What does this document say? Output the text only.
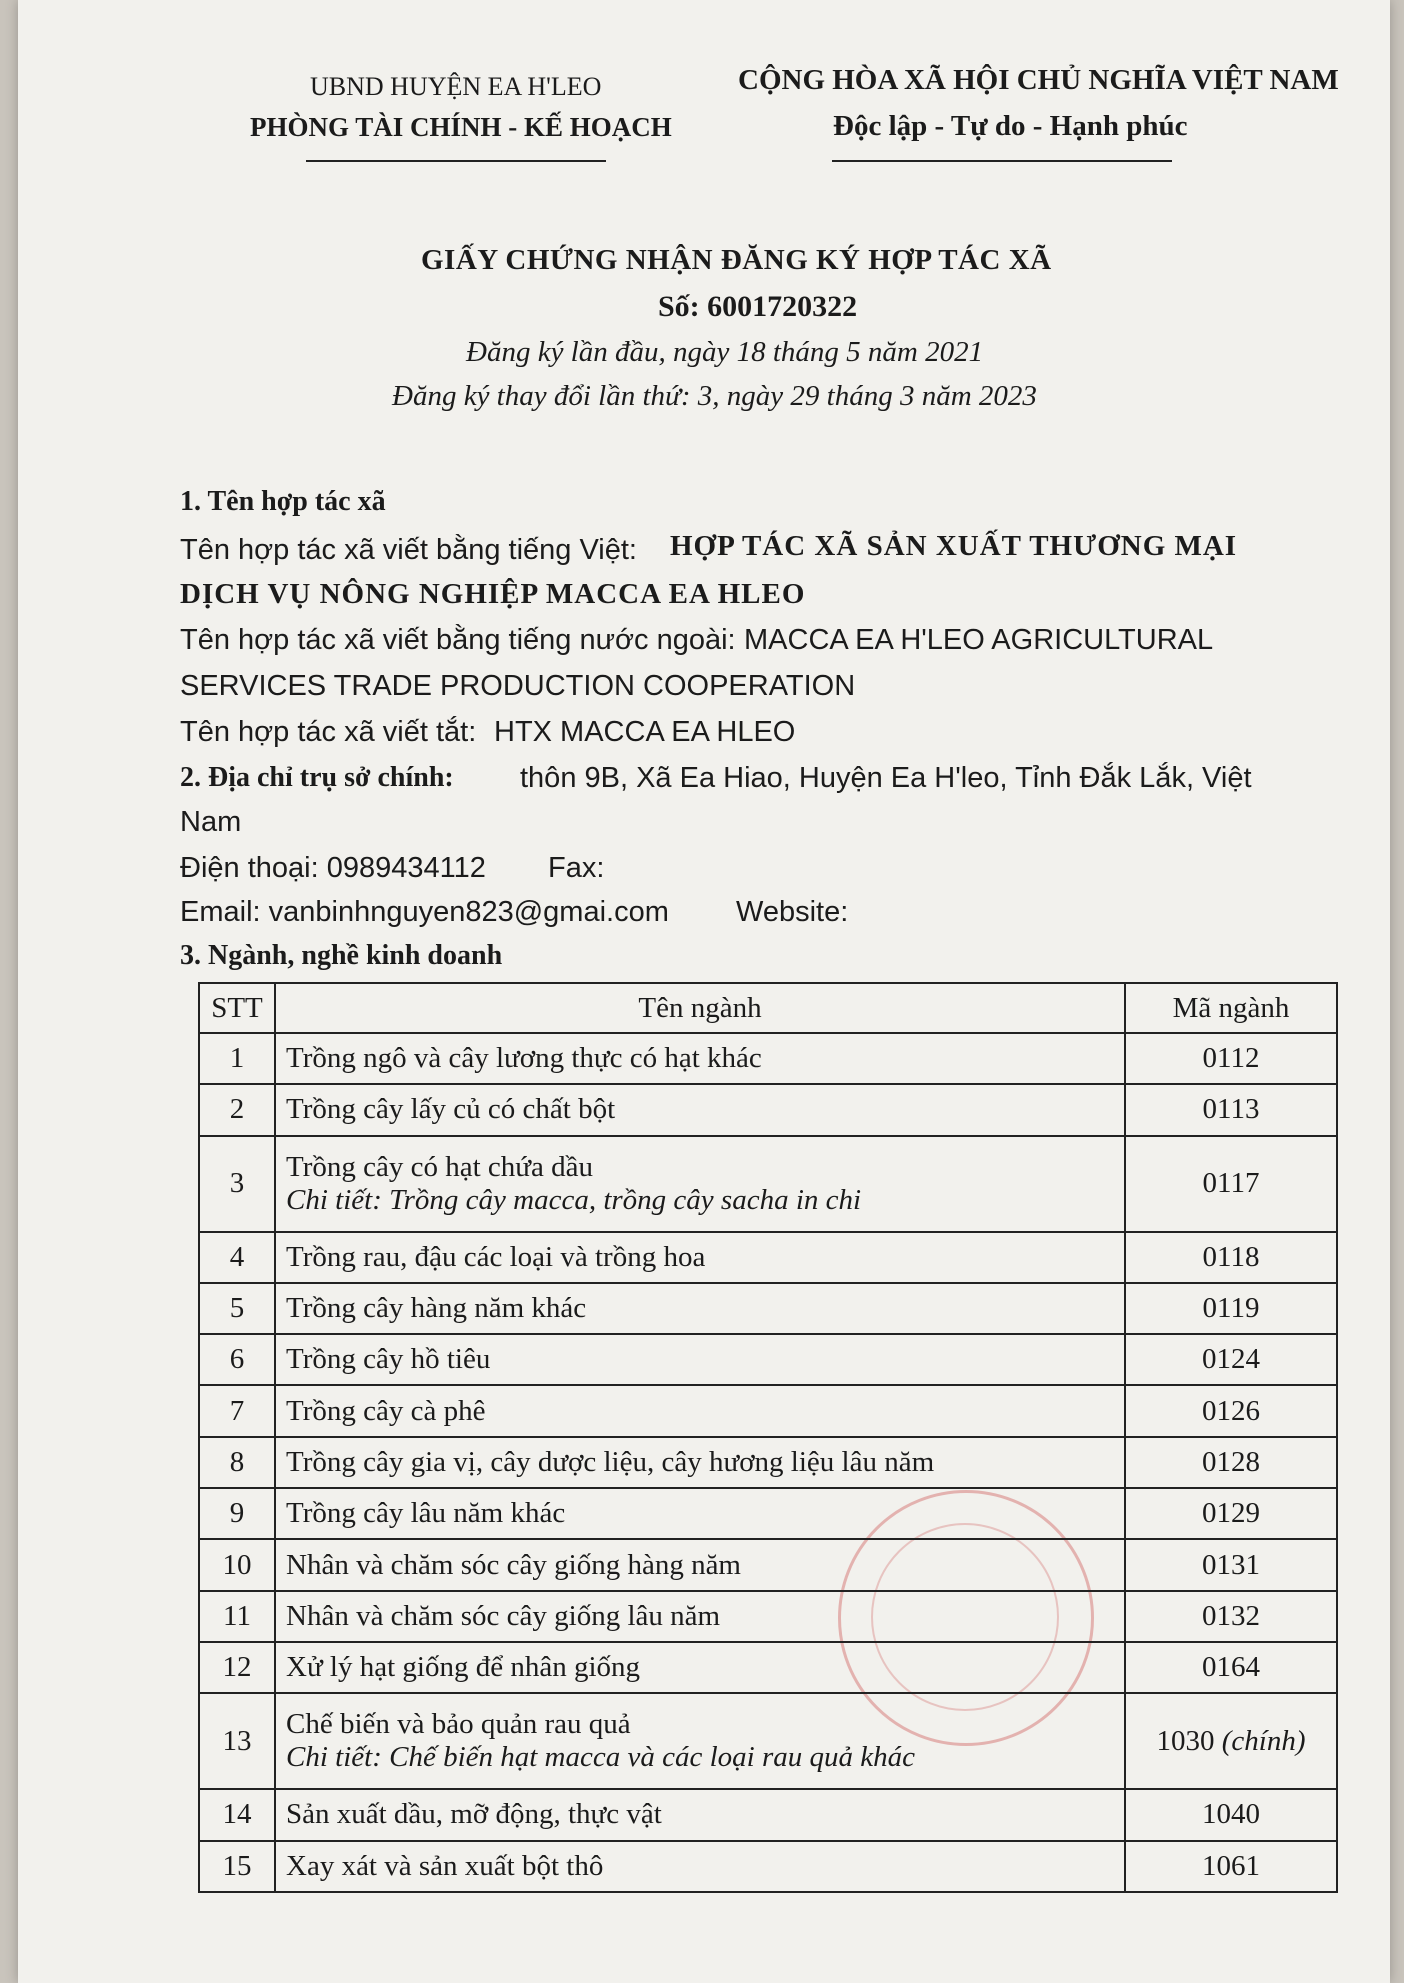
UBND HUYỆN EA H'LEO
PHÒNG TÀI CHÍNH - KẾ HOẠCH
CỘNG HÒA XÃ HỘI CHỦ NGHĨA VIỆT NAM
Độc lập - Tự do - Hạnh phúc
GIẤY CHỨNG NHẬN ĐĂNG KÝ HỢP TÁC XÃ
Số: 6001720322
Đăng ký lần đầu, ngày 18 tháng 5 năm 2021
Đăng ký thay đổi lần thứ: 3, ngày 29 tháng 3 năm 2023
1. Tên hợp tác xã
Tên hợp tác xã viết bằng tiếng Việt: HỢP TÁC XÃ SẢN XUẤT THƯƠNG MẠI
DỊCH VỤ NÔNG NGHIỆP MACCA EA HLEO
Tên hợp tác xã viết bằng tiếng nước ngoài: MACCA EA H'LEO AGRICULTURAL
SERVICES TRADE PRODUCTION COOPERATION
Tên hợp tác xã viết tắt: HTX MACCA EA HLEO
2. Địa chỉ trụ sở chính: thôn 9B, Xã Ea Hiao, Huyện Ea H'leo, Tỉnh Đắk Lắk, Việt
Nam
Điện thoại: 0989434112 Fax:
Email: vanbinhnguyen823@gmai.com Website:
3. Ngành, nghề kinh doanh
STT	Tên ngành	Mã ngành
1	Trồng ngô và cây lương thực có hạt khác	0112
2	Trồng cây lấy củ có chất bột	0113
3	Trồng cây có hạt chứa dầu
Chi tiết: Trồng cây macca, trồng cây sacha in chi	0117
4	Trồng rau, đậu các loại và trồng hoa	0118
5	Trồng cây hàng năm khác	0119
6	Trồng cây hồ tiêu	0124
7	Trồng cây cà phê	0126
8	Trồng cây gia vị, cây dược liệu, cây hương liệu lâu năm	0128
9	Trồng cây lâu năm khác	0129
10	Nhân và chăm sóc cây giống hàng năm	0131
11	Nhân và chăm sóc cây giống lâu năm	0132
12	Xử lý hạt giống để nhân giống	0164
13	Chế biến và bảo quản rau quả
Chi tiết: Chế biến hạt macca và các loại rau quả khác	1030 (chính)
14	Sản xuất dầu, mỡ động, thực vật	1040
15	Xay xát và sản xuất bột thô	1061
